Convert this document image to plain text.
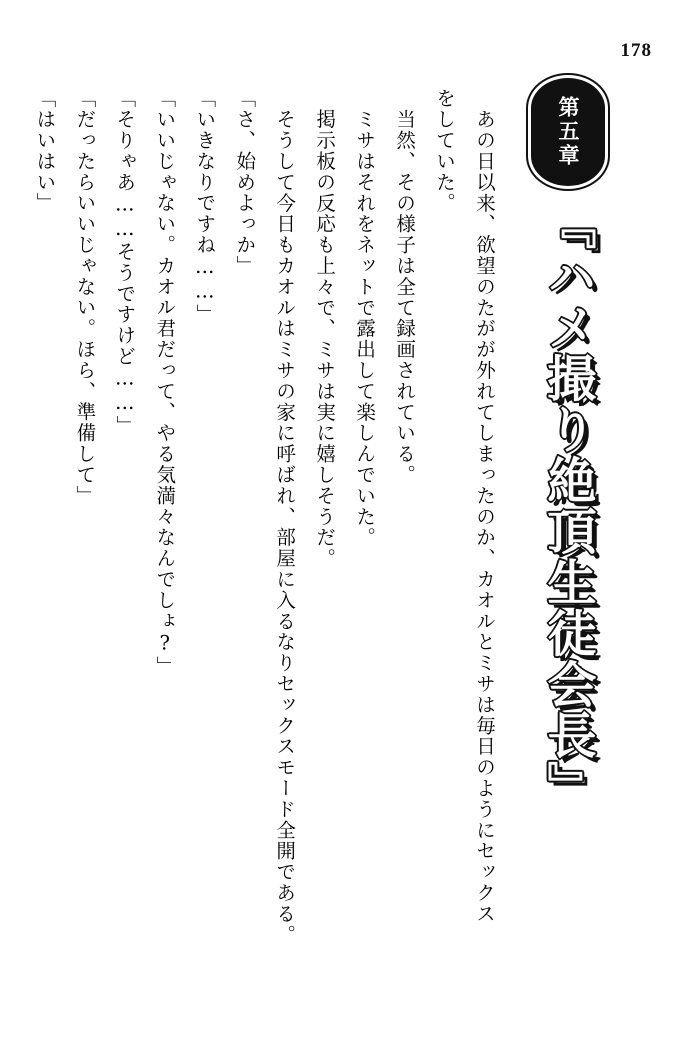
178
第五章
『ハメ撮り絶頂生徒会長』

あの日以来、欲望のたがが外れてしまったのか、カオルとミサは毎日のようにセックス

をしていた。

当然、その様子は全て録画されている。

ミサはそれをネットで露出して楽しんでいた。

掲示板の反応も上々で、ミサは実に嬉しそうだ。

そうして今日もカオルはミサの家に呼ばれ、部屋に入るなりセックスモード全開である。

「さ、始めよっか」

「いきなりですね……」

「いいじゃない。カオル君だって、やる気満々なんでしょ?」

「そりゃあ……そうですけど……」

「だったらいいじゃない。ほら、準備して」

「はいはい」
